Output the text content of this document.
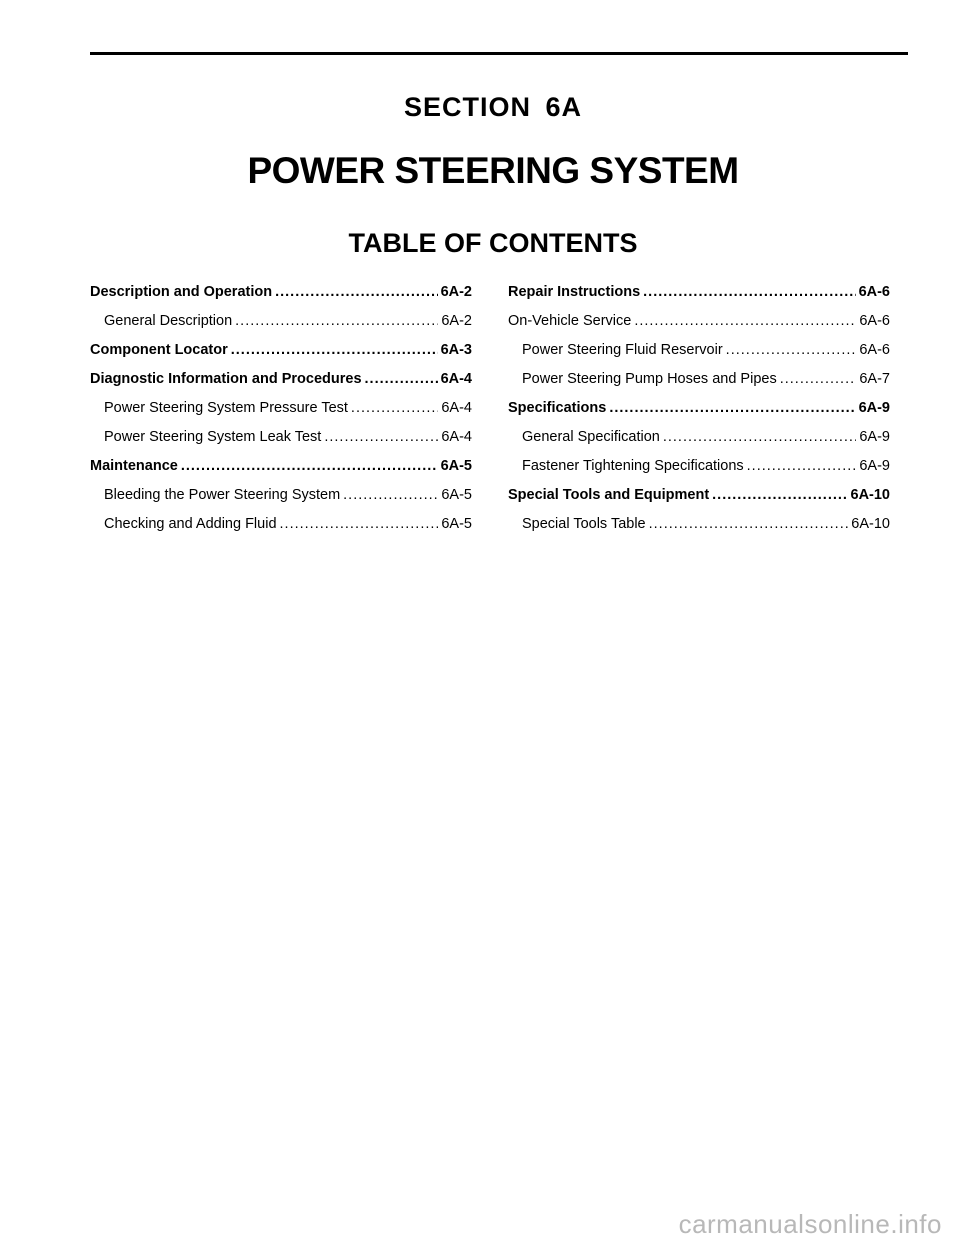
SECTION 6A
POWER STEERING SYSTEM
TABLE OF CONTENTS
Description and Operation .....	6A-2
General Description .....	6A-2
Component Locator .....	6A-3
Diagnostic Information and Procedures .....	6A-4
Power Steering System Pressure Test .....	6A-4
Power Steering System Leak Test .....	6A-4
Maintenance .....	6A-5
Bleeding the Power Steering System .....	6A-5
Checking and Adding Fluid .....	6A-5
Repair Instructions .....	6A-6
On-Vehicle Service .....	6A-6
Power Steering Fluid Reservoir .....	6A-6
Power Steering Pump Hoses and Pipes .....	6A-7
Specifications .....	6A-9
General Specification .....	6A-9
Fastener Tightening Specifications .....	6A-9
Special Tools and Equipment .....	6A-10
Special Tools Table .....	6A-10
carmanualsonline.info
